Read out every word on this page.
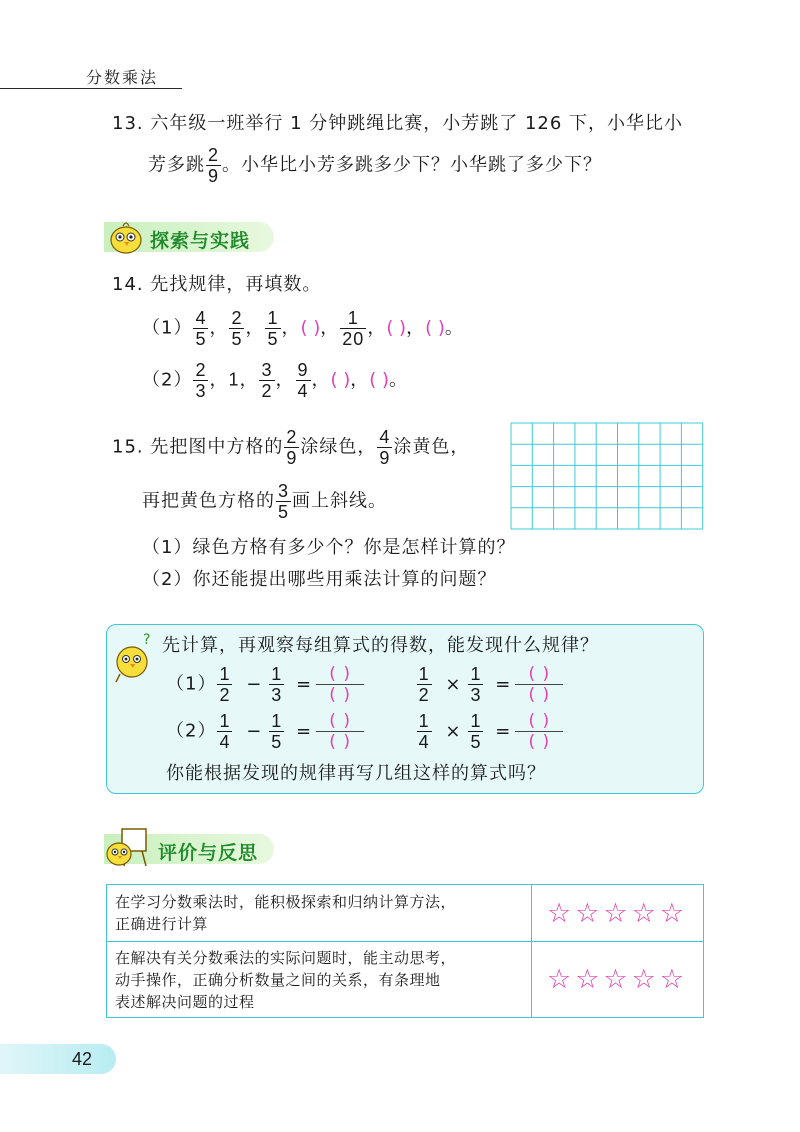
分数乘法
13. 六年级一班举行 1 分钟跳绳比赛，小芳跳了 126 下，小华比小
芳多跳 $\frac{2}{9}$ 。小华比小芳多跳多少下？小华跳了多少下？
探索与实践
14. 先找规律，再填数。
$(1) \frac{4}{5}$ ， $\frac{2}{5}$ ， $\frac{1}{5}$ ，( )， $\frac{1}{20}$ ，( )，( )。
$(2) \frac{2}{3}$ ，1， $\frac{3}{2}$ ， $\frac{9}{4}$ ，( )，( )。
15. 先把图中方格的 $\frac{2}{9}$ 涂绿色， $\frac{4}{9}$ 涂黄色，
再把黄色方格的 $\frac{3}{5}$ 画上斜线。
（1）绿色方格有多少个？你是怎样计算的？
（2）你还能提出哪些用乘法计算的问题？
? 先计算，再观察每组算式的得数，能发现什么规律？
$(1) \frac{1}{2} - \frac{1}{3}$ =	( )
( )
	$\frac{1}{2} \times \frac{1}{3}$ =	( )
( )
$(2) \frac{1}{4} - \frac{1}{5}$ =	( )
( )
	$\frac{1}{4} \times \frac{1}{5}$ =	( )
( )
你能根据发现的规律再写几组这样的算式吗？
评价与反思
在学习分数乘法时，能积极探索和归纳计算方法，
正确进行计算	☆☆☆☆☆

在解决有关分数乘法的实际问题时，能主动思考，
动手操作，正确分析数量之间的关系，有条理地
表述解决问题的过程	☆☆☆☆☆
42
